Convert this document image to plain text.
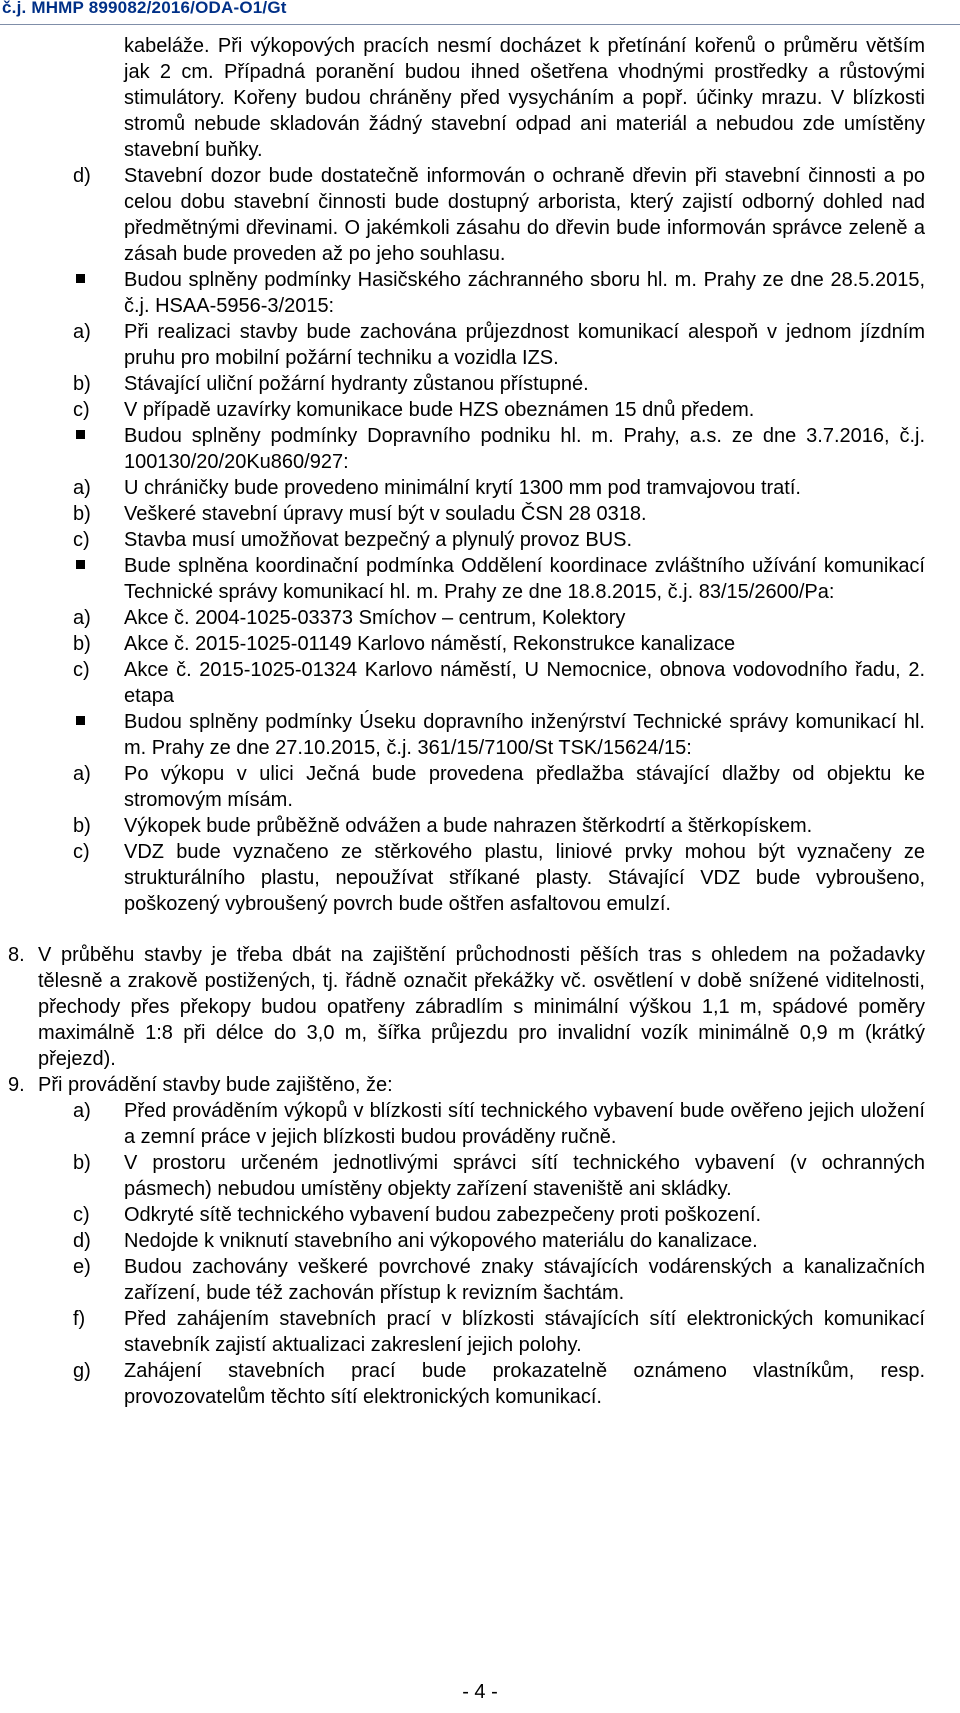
č.j. MHMP 899082/2016/ODA-O1/Gt
kabeláže. Při výkopových pracích nesmí docházet k přetínání kořenů o průměru větším jak 2 cm. Případná poranění budou ihned ošetřena vhodnými prostředky a růstovými stimulátory. Kořeny budou chráněny před vysycháním a popř. účinky mrazu. V blízkosti stromů nebude skladován žádný stavební odpad ani materiál a nebudou zde umístěny stavební buňky.
d)	Stavební dozor bude dostatečně informován o ochraně dřevin při stavební činnosti a po celou dobu stavební činnosti bude dostupný arborista, který zajistí odborný dohled nad předmětnými dřevinami. O jakémkoli zásahu do dřevin bude informován správce zeleně a zásah bude proveden až po jeho souhlasu.
Budou splněny podmínky Hasičského záchranného sboru hl. m. Prahy ze dne 28.5.2015, č.j. HSAA-5956-3/2015:
a)	Při realizaci stavby bude zachována průjezdnost komunikací alespoň v jednom jízdním pruhu pro mobilní požární techniku a vozidla IZS.
b)	Stávající uliční požární hydranty zůstanou přístupné.
c)	V případě uzavírky komunikace bude HZS obeznámen 15 dnů předem.
Budou splněny podmínky Dopravního podniku hl. m. Prahy, a.s. ze dne 3.7.2016, č.j. 100130/20/20Ku860/927:
a)	U chráničky bude provedeno minimální krytí 1300 mm pod tramvajovou tratí.
b)	Veškeré stavební úpravy musí být v souladu ČSN 28 0318.
c)	Stavba musí umožňovat bezpečný a plynulý provoz BUS.
Bude splněna koordinační podmínka Oddělení koordinace zvláštního užívání komunikací Technické správy komunikací hl. m. Prahy ze dne 18.8.2015, č.j. 83/15/2600/Pa:
a)	Akce č. 2004-1025-03373 Smíchov – centrum, Kolektory
b)	Akce č. 2015-1025-01149 Karlovo náměstí, Rekonstrukce kanalizace
c)	Akce č. 2015-1025-01324 Karlovo náměstí, U Nemocnice, obnova vodovodního řadu, 2. etapa
Budou splněny podmínky Úseku dopravního inženýrství Technické správy komunikací hl. m. Prahy ze dne 27.10.2015, č.j. 361/15/7100/St TSK/15624/15:
a)	Po výkopu v ulici Ječná bude provedena předlažba stávající dlažby od objektu ke stromovým mísám.
b)	Výkopek bude průběžně odvážen a bude nahrazen štěrkodrtí a štěrkopískem.
c)	VDZ bude vyznačeno ze stěrkového plastu, liniové prvky mohou být vyznačeny ze strukturálního plastu, nepoužívat stříkané plasty. Stávající VDZ bude vybroušeno, poškozený vybroušený povrch bude oštřen asfaltovou emulzí.
8. V průběhu stavby je třeba dbát na zajištění průchodnosti pěších tras s ohledem na požadavky tělesně a zrakově postižených, tj. řádně označit překážky vč. osvětlení v době snížené viditelnosti, přechody přes překopy budou opatřeny zábradlím s minimální výškou 1,1 m, spádové poměry maximálně 1:8 při délce do 3,0 m, šířka průjezdu pro invalidní vozík minimálně 0,9 m (krátký přejezd).
9. Při provádění stavby bude zajištěno, že:
a)	Před prováděním výkopů v blízkosti sítí technického vybavení bude ověřeno jejich uložení a zemní práce v jejich blízkosti budou prováděny ručně.
b)	V prostoru určeném jednotlivými správci sítí technického vybavení (v ochranných pásmech) nebudou umístěny objekty zařízení staveniště ani skládky.
c)	Odkryté sítě technického vybavení budou zabezpečeny proti poškození.
d)	Nedojde k vniknutí stavebního ani výkopového materiálu do kanalizace.
e)	Budou zachovány veškeré povrchové znaky stávajících vodárenských a kanalizačních zařízení, bude též zachován přístup k revizním šachtám.
f)	Před zahájením stavebních prací v blízkosti stávajících sítí elektronických komunikací stavebník zajistí aktualizaci zakreslení jejich polohy.
g)	Zahájení stavebních prací bude prokazatelně oznámeno vlastníkům, resp. provozovatelům těchto sítí elektronických komunikací.
- 4 -
